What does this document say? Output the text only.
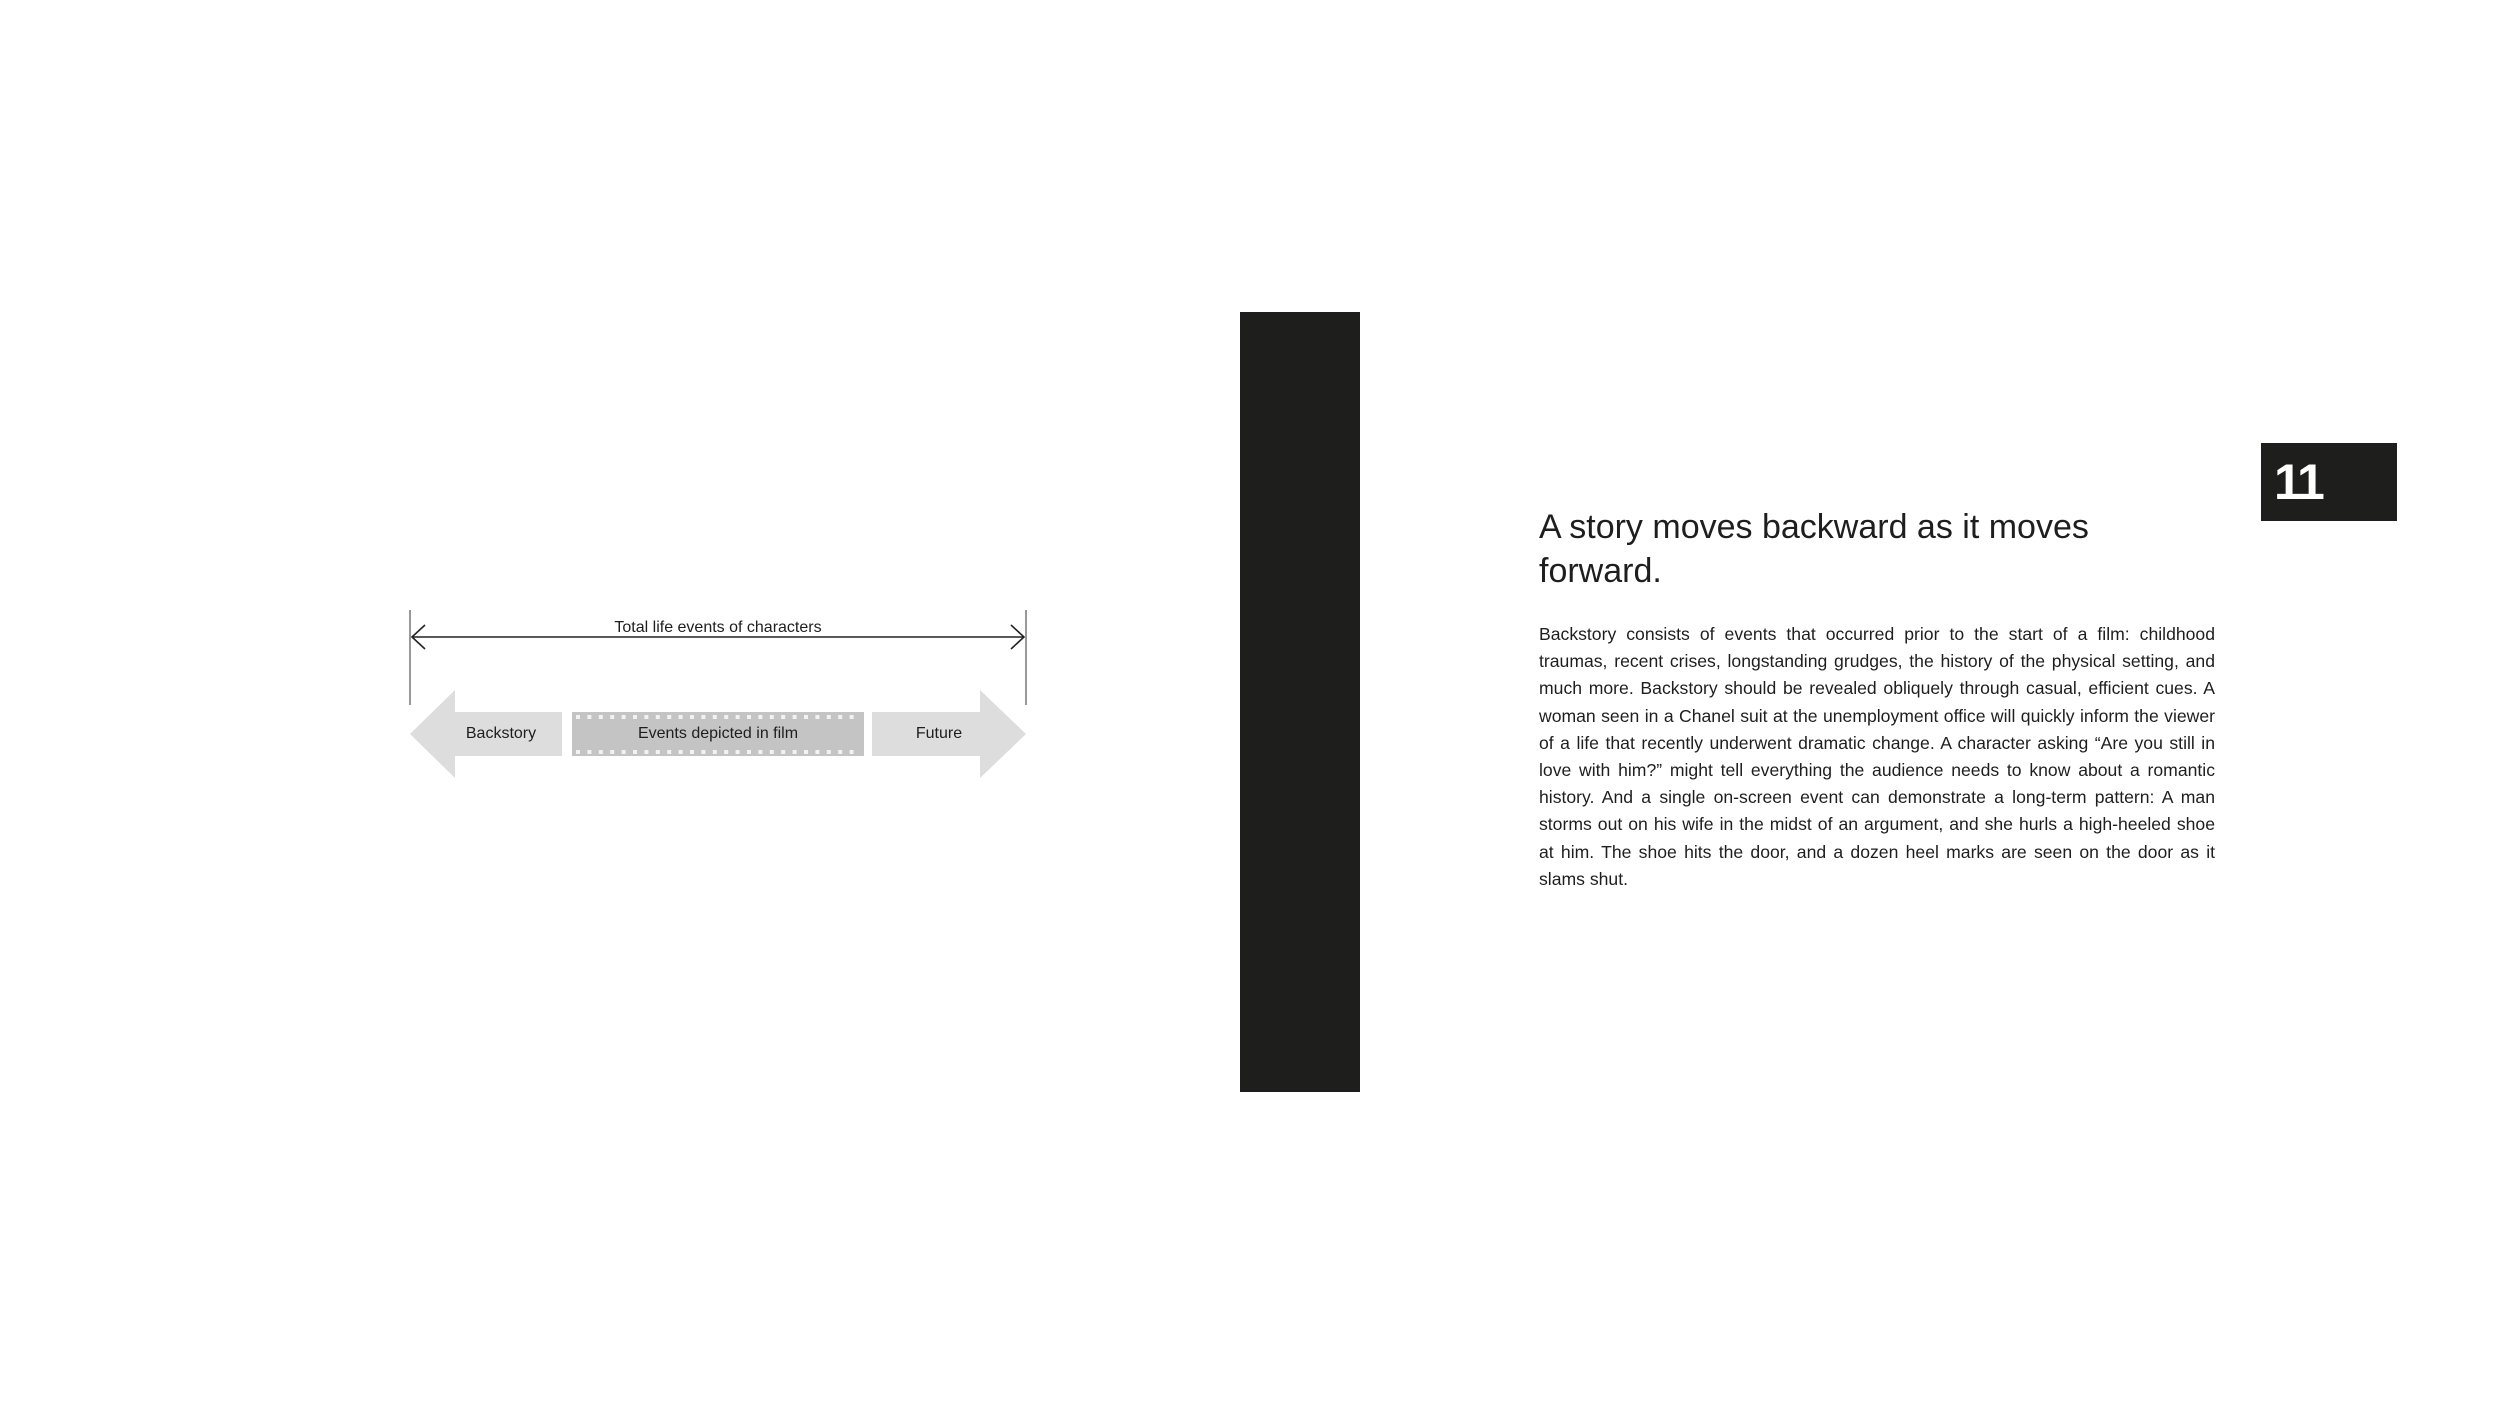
Total life events of characters
Backstory	Events depicted in film	Future
11
A story moves backward as it moves forward.

Backstory consists of events that occurred prior to the start of a film: childhood traumas, recent crises, longstanding grudges, the history of the physical setting, and much more. Backstory should be revealed obliquely through casual, efficient cues. A woman seen in a Chanel suit at the unemployment office will quickly inform the viewer of a life that recently underwent dramatic change. A character asking “Are you still in love with him?” might tell everything the audience needs to know about a romantic history. And a single on-screen event can demonstrate a long-term pattern: A man storms out on his wife in the midst of an argument, and she hurls a high-heeled shoe at him. The shoe hits the door, and a dozen heel marks are seen on the door as it slams shut.
